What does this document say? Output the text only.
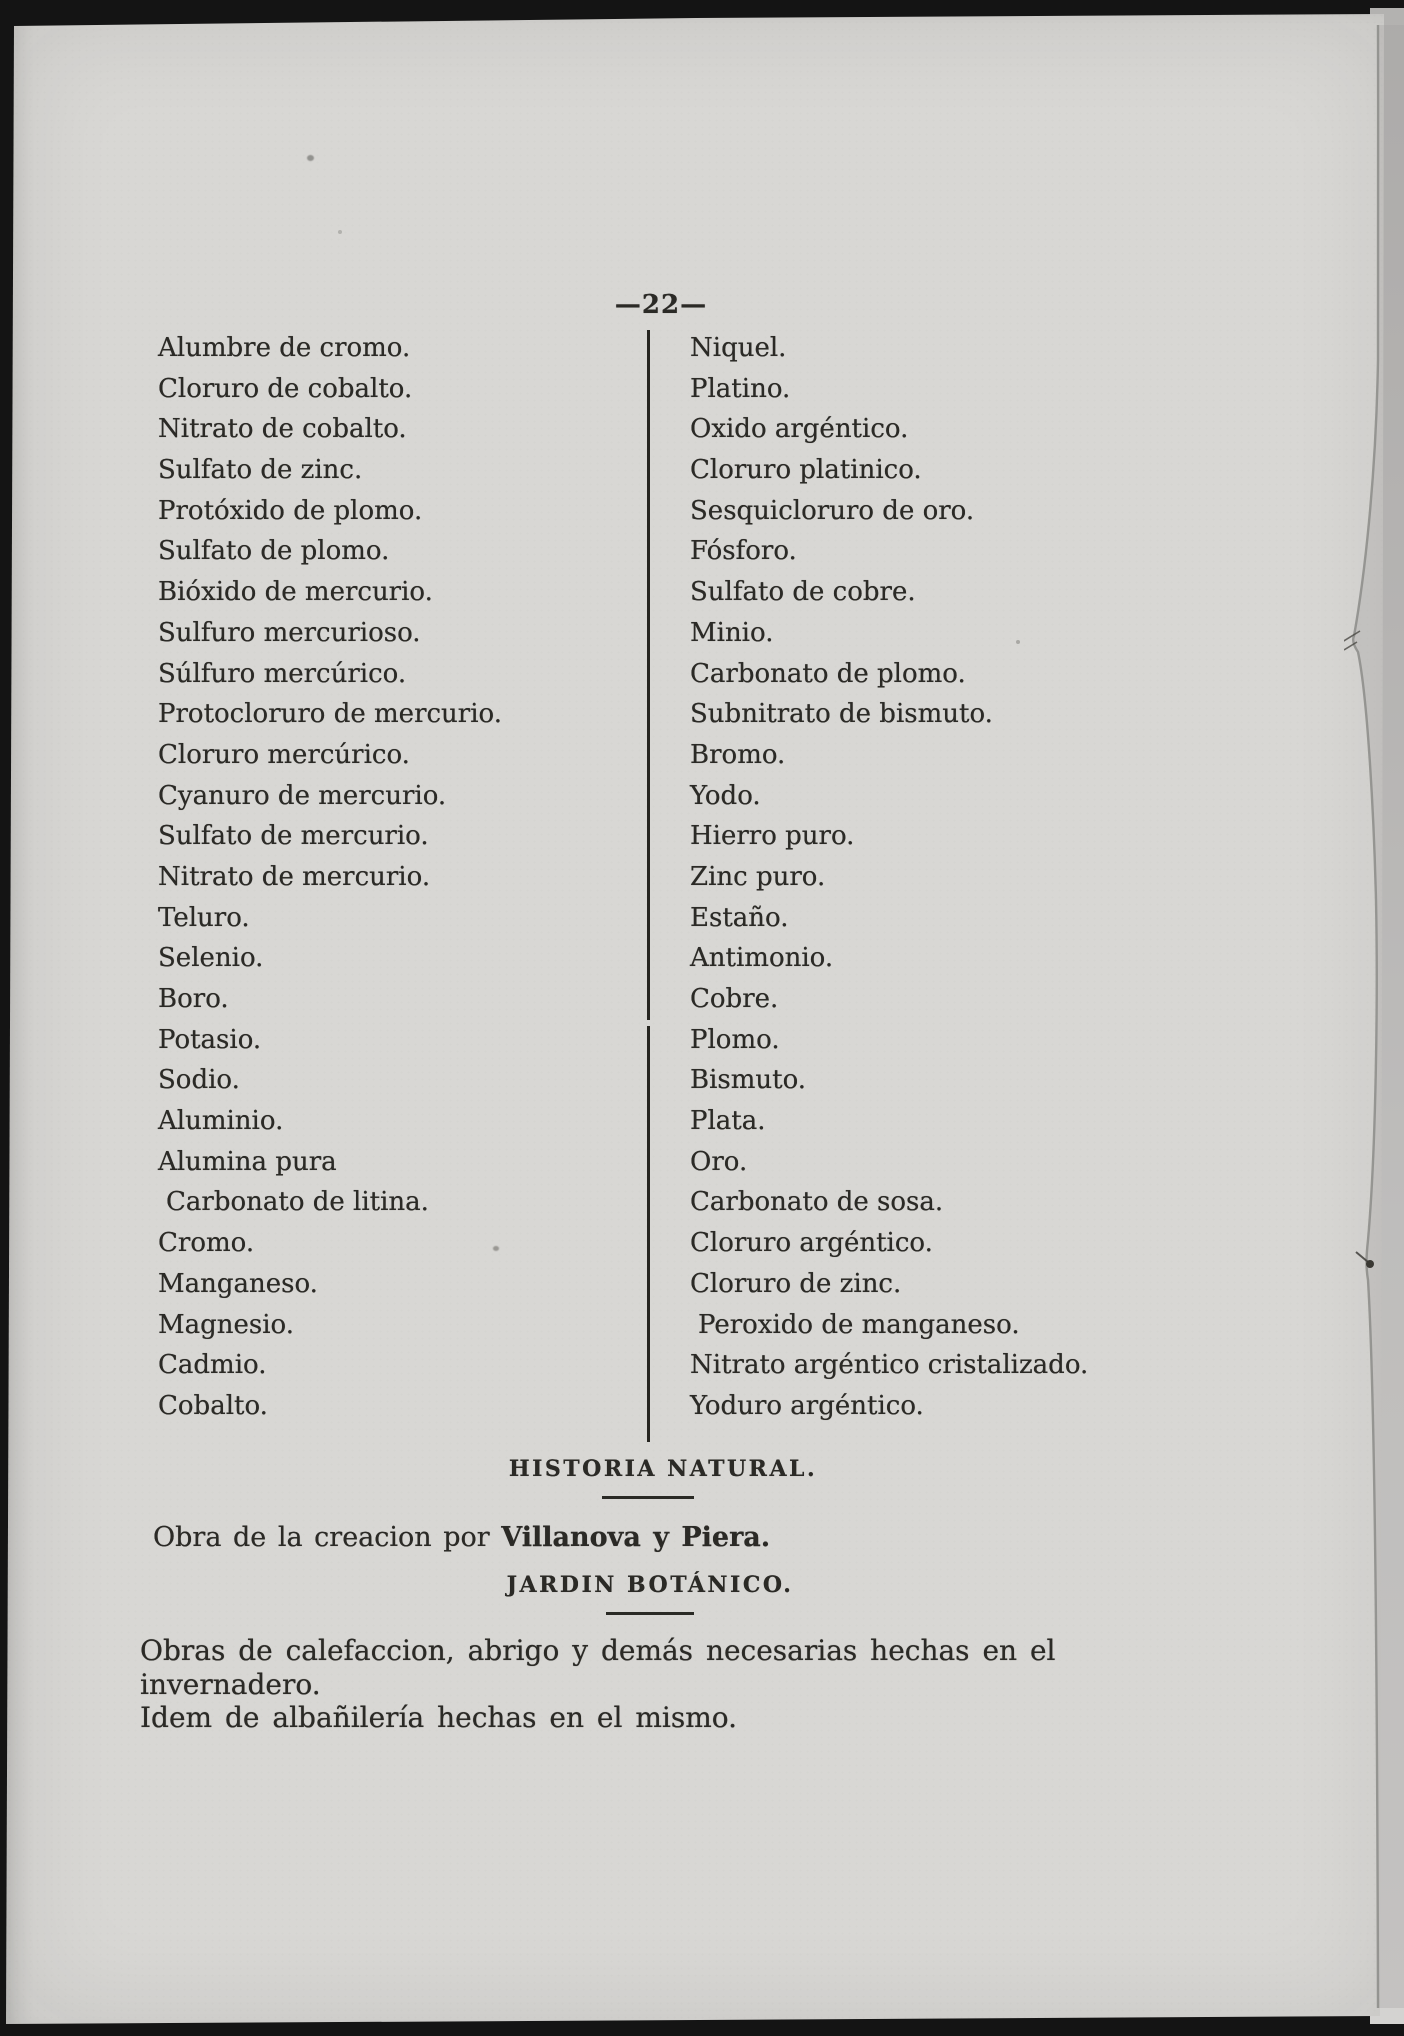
—22—
Alumbre de cromo.
Cloruro de cobalto.
Nitrato de cobalto.
Sulfato de zinc.
Protóxido de plomo.
Sulfato de plomo.
Bióxido de mercurio.
Sulfuro mercurioso.
Súlfuro mercúrico.
Protocloruro de mercurio.
Cloruro mercúrico.
Cyanuro de mercurio.
Sulfato de mercurio.
Nitrato de mercurio.
Teluro.
Selenio.
Boro.
Potasio.
Sodio.
Aluminio.
Alumina pura
Carbonato de litina.
Cromo.
Manganeso.
Magnesio.
Cadmio.
Cobalto.
Niquel.
Platino.
Oxido argéntico.
Cloruro platinico.
Sesquicloruro de oro.
Fósforo.
Sulfato de cobre.
Minio.
Carbonato de plomo.
Subnitrato de bismuto.
Bromo.
Yodo.
Hierro puro.
Zinc puro.
Estaño.
Antimonio.
Cobre.
Plomo.
Bismuto.
Plata.
Oro.
Carbonato de sosa.
Cloruro argéntico.
Cloruro de zinc.
Peroxido de manganeso.
Nitrato argéntico cristalizado.
Yoduro argéntico.
HISTORIA NATURAL.
Obra de la creacion por Villanova y Piera.
JARDIN BOTÁNICO.
Obras de calefaccion, abrigo y demás necesarias hechas en el invernadero.
Idem de albañilería hechas en el mismo.
